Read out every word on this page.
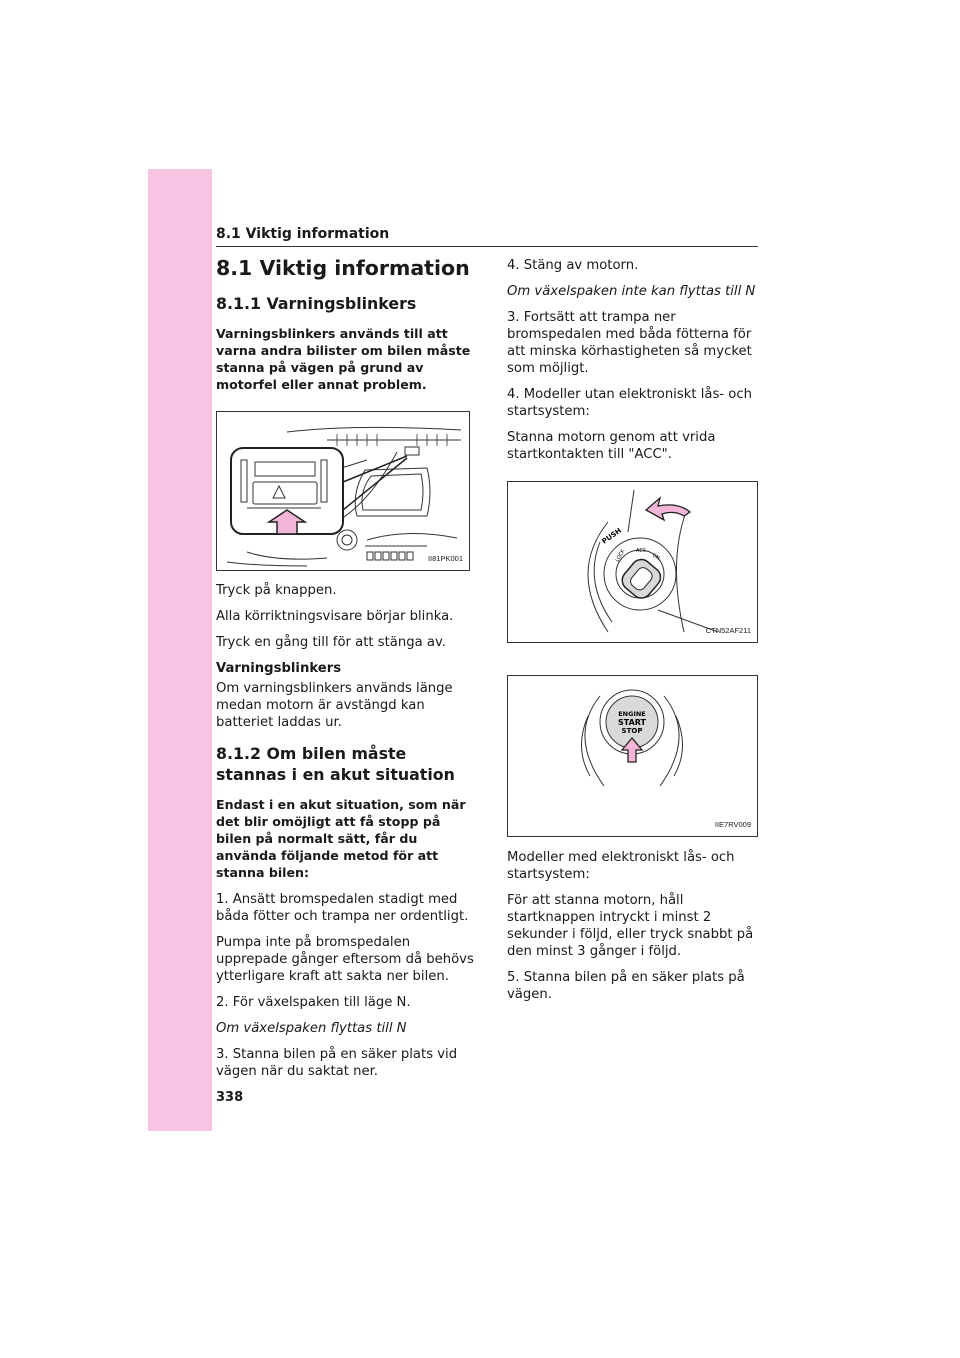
8.1 Viktig information
8.1 Viktig information
8.1.1 Varningsblinkers

Varningsblinkers används till att varna andra bilister om bilen måste stanna på vägen på grund av motorfel eller annat problem.

II81PK001

Tryck på knappen.

Alla körriktningsvisare börjar blinka.

Tryck en gång till för att stänga av.

Varningsblinkers

Om varningsblinkers används länge medan motorn är avstängd kan batteriet laddas ur.

8.1.2 Om bilen måste stannas i en akut situation

Endast i en akut situation, som när det blir omöjligt att få stopp på bilen på normalt sätt, får du använda följande metod för att stanna bilen:

1. Ansätt bromspedalen stadigt med båda fötter och trampa ner ordentligt.

Pumpa inte på bromspedalen upprepade gånger eftersom då behövs ytterligare kraft att sakta ner bilen.

2. För växelspaken till läge N.

Om växelspaken flyttas till N

3. Stanna bilen på en säker plats vid vägen när du saktat ner.

4. Stäng av motorn.

Om växelspaken inte kan flyttas till N

3. Fortsätt att trampa ner bromspedalen med båda fötterna för att minska körhastigheten så mycket som möjligt.

4. Modeller utan elektroniskt lås- och startsystem:

Stanna motorn genom att vrida startkontakten till "ACC".

PUSH
LOCK ACC
ON
CTN52AF211
ENGINE
START
STOP
IIE7RV009

Modeller med elektroniskt lås- och startsystem:

För att stanna motorn, håll startknappen intryckt i minst 2 sekunder i följd, eller tryck snabbt på den minst 3 gånger i följd.

5. Stanna bilen på en säker plats på vägen.

338
